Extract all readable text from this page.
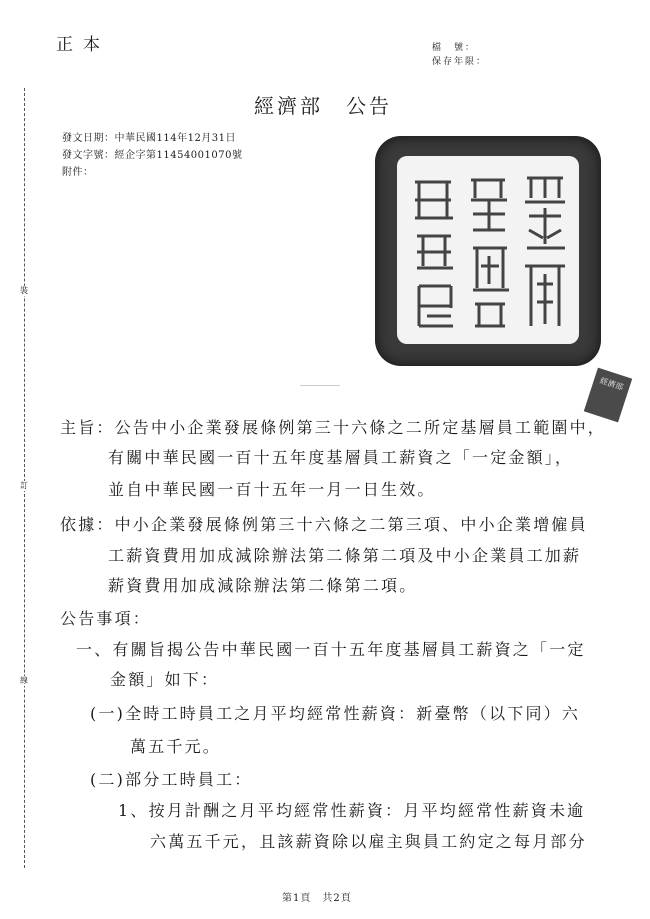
正本	檔　號：
保存年限：
裝
訂
線
經濟部　公告
發文日期：中華民國114年12月31日
發文字號：經企字第11454001070號
附件：
經濟部
主旨：公告中小企業發展條例第三十六條之二所定基層員工範圍中，
有關中華民國一百十五年度基層員工薪資之「一定金額」，
並自中華民國一百十五年一月一日生效。
依據：中小企業發展條例第三十六條之二第三項、中小企業增僱員
工薪資費用加成減除辦法第二條第二項及中小企業員工加薪
薪資費用加成減除辦法第二條第二項。
公告事項：
一、有關旨揭公告中華民國一百十五年度基層員工薪資之「一定
金額」如下：
(一)全時工時員工之月平均經常性薪資：新臺幣（以下同）六
萬五千元。
(二)部分工時員工：
1、按月計酬之月平均經常性薪資：月平均經常性薪資未逾
六萬五千元，且該薪資除以雇主與員工約定之每月部分
第1頁　共2頁
